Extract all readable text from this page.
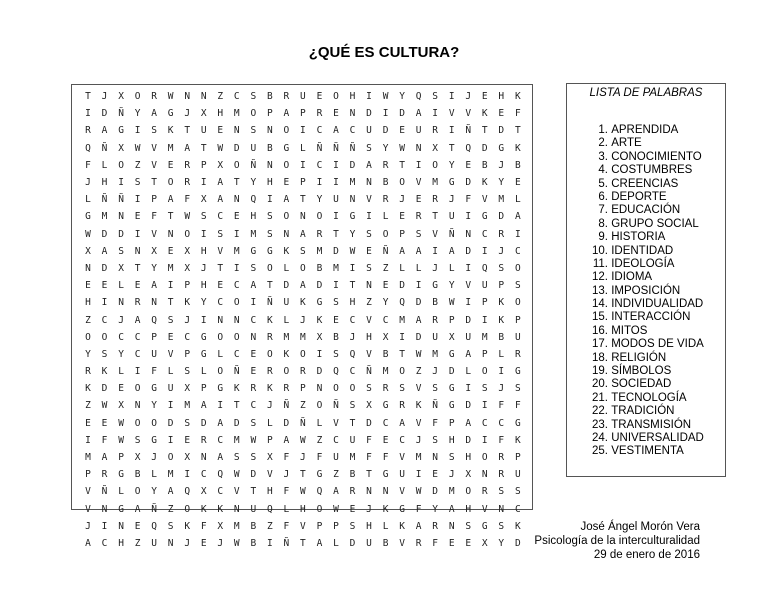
¿QUÉ ES CULTURA?
T	J	X	O	R	W	N	N	Z	C	S	B	R	U	E	O	H	I	W	Y	Q	S	I	J	E	H	K
I	D	Ñ	Y	A	G	J	X	H	M	O	P	A	P	R	E	N	D	I	D	A	I	V	V	K	E	F
R	A	G	I	S	K	T	U	E	N	S	N	O	I	C	A	C	U	D	E	U	R	I	Ñ	T	D	T
Q	Ñ	X	W	V	M	A	T	W	D	U	B	G	L	Ñ	Ñ	Ñ	S	Y	W	N	X	T	Q	D	G	K
F	L	O	Z	V	E	R	P	X	O	Ñ	N	O	I	C	I	D	A	R	T	I	O	Y	E	B	J	B
J	H	I	S	T	O	R	I	A	T	Y	H	E	P	I	I	M	N	B	O	V	M	G	D	K	Y	E
L	Ñ	Ñ	I	P	A	F	X	A	N	Q	I	A	T	Y	U	N	V	R	J	E	R	J	F	V	M	L
G	M	N	E	F	T	W	S	C	E	H	S	O	N	O	I	G	I	L	E	R	T	U	I	G	D	A
W	D	D	I	V	N	O	I	S	I	M	S	N	A	R	T	Y	S	O	P	S	V	Ñ	N	C	R	I
X	A	S	N	X	E	X	H	V	M	G	G	K	S	M	D	W	E	Ñ	A	A	I	A	D	I	J	C
N	D	X	T	Y	M	X	J	T	I	S	O	L	O	B	M	I	S	Z	L	L	J	L	I	Q	S	O
E	E	L	E	A	I	P	H	E	C	A	T	D	A	D	I	T	N	E	D	I	G	Y	V	U	P	S
H	I	N	R	N	T	K	Y	C	O	I	Ñ	U	K	G	S	H	Z	Y	Q	D	B	W	I	P	K	O
Z	C	J	A	Q	S	J	I	N	N	C	K	L	J	K	E	C	V	C	M	A	R	P	D	I	K	P
O	O	C	C	P	E	C	G	O	O	N	R	M	M	X	B	J	H	X	I	D	U	X	U	M	B	U
Y	S	Y	C	U	V	P	G	L	C	E	O	K	O	I	S	Q	V	B	T	W	M	G	A	P	L	R
R	K	L	I	F	L	S	L	O	Ñ	E	R	O	R	D	Q	C	Ñ	M	O	Z	J	D	L	O	I	G
K	D	E	O	G	U	X	P	G	K	R	K	R	P	N	O	O	S	R	S	V	S	G	I	S	J	S
Z	W	X	N	Y	I	M	A	I	T	C	J	Ñ	Z	O	Ñ	S	X	G	R	K	Ñ	G	D	I	F	F
E	E	W	O	O	D	S	D	A	D	S	L	D	Ñ	L	V	T	D	C	A	V	F	P	A	C	C	G
I	F	W	S	G	I	E	R	C	M	W	P	A	W	Z	C	U	F	E	C	J	S	H	D	I	F	K
M	A	P	X	J	O	X	N	A	S	S	X	F	J	F	U	M	F	F	V	M	N	S	H	O	R	P
P	R	G	B	L	M	I	C	Q	W	D	V	J	T	G	Z	B	T	G	U	I	E	J	X	N	R	U
V	Ñ	L	O	Y	A	Q	X	C	V	T	H	F	W	Q	A	R	N	N	V	W	D	M	O	R	S	S
V	N	G	A	Ñ	Z	O	K	K	N	U	Q	L	H	O	W	E	J	K	G	F	Y	A	H	V	N	C
J	I	N	E	Q	S	K	F	X	M	B	Z	F	V	P	P	S	H	L	K	A	R	N	S	G	S	K
A	C	H	Z	U	N	J	E	J	W	B	I	Ñ	T	A	L	D	U	B	V	R	F	E	E	X	Y	D
LISTA DE PALABRAS
1. APRENDIDA
2. ARTE
3. CONOCIMIENTO
4. COSTUMBRES
5. CREENCIAS
6. DEPORTE
7. EDUCACIÓN
8. GRUPO SOCIAL
9. HISTORIA
10. IDENTIDAD
11. IDEOLOGÍA
12. IDIOMA
13. IMPOSICIÓN
14. INDIVIDUALIDAD
15. INTERACCIÓN
16. MITOS
17. MODOS DE VIDA
18. RELIGIÓN
19. SÍMBOLOS
20. SOCIEDAD
21. TECNOLOGÍA
22. TRADICIÓN
23. TRANSMISIÓN
24. UNIVERSALIDAD
25. VESTIMENTA
José Ángel Morón Vera
Psicología de la interculturalidad
29 de enero de 2016
